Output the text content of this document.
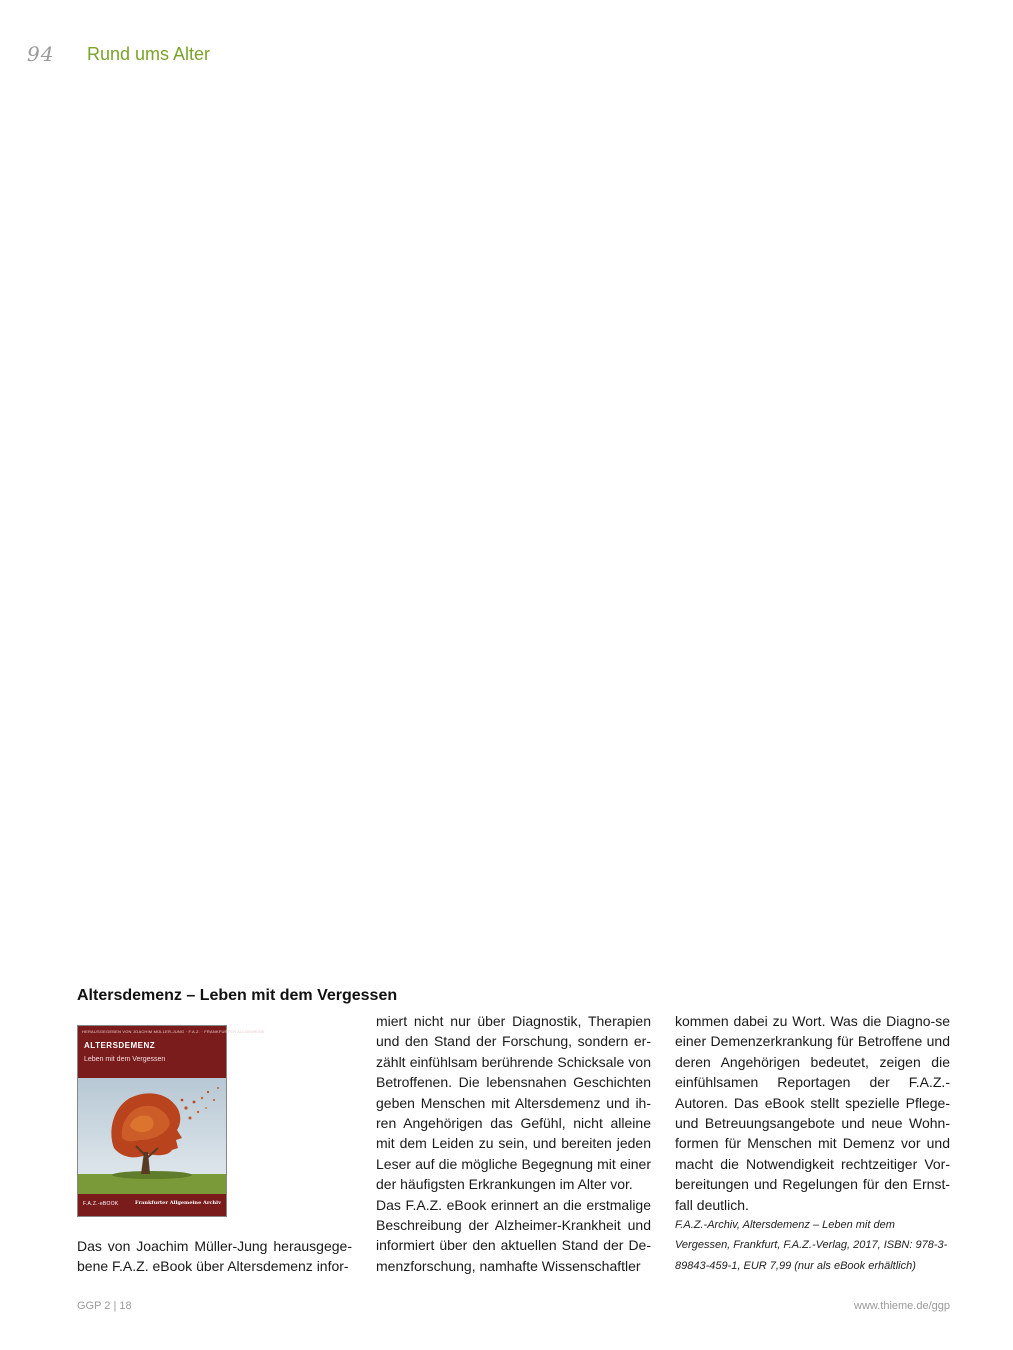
94 Rund ums Alter
Altersdemenz – Leben mit dem Vergessen
HERAUSGEGEBEN VON JOACHIM MÜLLER-JUNG · F.A.Z. · FRANKFURTER ALLGEMEINE
ALTERSDEMENZ
Leben mit dem Vergessen
F.A.Z.-eBOOK	Frankfurter Allgemeine Archiv

Das von Joachim Müller-Jung herausgege-bene F.A.Z. eBook über Altersdemenz infor-

miert nicht nur über Diagnostik, Therapien und den Stand der Forschung, sondern er-zählt einfühlsam berührende Schicksale von Betroffenen. Die lebensnahen Geschichten geben Menschen mit Altersdemenz und ih-ren Angehörigen das Gefühl, nicht alleine mit dem Leiden zu sein, und bereiten jeden Leser auf die mögliche Begegnung mit einer der häufigsten Erkrankungen im Alter vor.

Das F.A.Z. eBook erinnert an die erstmalige Beschreibung der Alzheimer-Krankheit und informiert über den aktuellen Stand der De-menzforschung, namhafte Wissenschaftler

kommen dabei zu Wort. Was die Diagno-se einer Demenzerkrankung für Betroffene und deren Angehörigen bedeutet, zeigen die einfühlsamen Reportagen der F.A.Z.-Autoren. Das eBook stellt spezielle Pflege- und Betreuungsangebote und neue Wohn-formen für Menschen mit Demenz vor und macht die Notwendigkeit rechtzeitiger Vor-bereitungen und Regelungen für den Ernst-fall deutlich.

F.A.Z.-Archiv, Altersdemenz – Leben mit dem Vergessen, Frankfurt, F.A.Z.-Verlag, 2017, ISBN: 978-3-89843-459-1, EUR 7,99 (nur als eBook erhältlich)

GGP 2 | 18	www.thieme.de/ggp
